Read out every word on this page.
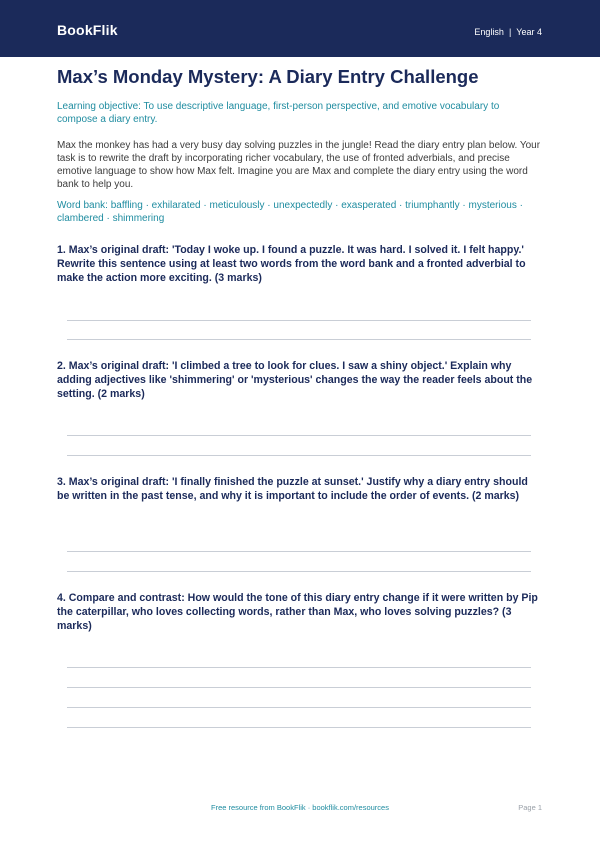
BookFlik	English | Year 4
Max’s Monday Mystery: A Diary Entry Challenge

Learning objective: To use descriptive language, first-person perspective, and emotive vocabulary to compose a diary entry.

Max the monkey has had a very busy day solving puzzles in the jungle! Read the diary entry plan below. Your task is to rewrite the draft by incorporating richer vocabulary, the use of fronted adverbials, and precise emotive language to show how Max felt. Imagine you are Max and complete the diary entry using the word bank to help you.

Word bank: baffling · exhilarated · meticulously · unexpectedly · exasperated · triumphantly · mysterious · clambered · shimmering

1. Max’s original draft: 'Today I woke up. I found a puzzle. It was hard. I solved it. I felt happy.' Rewrite this sentence using at least two words from the word bank and a fronted adverbial to make the action more exciting. (3 marks)

2. Max’s original draft: 'I climbed a tree to look for clues. I saw a shiny object.' Explain why adding adjectives like 'shimmering' or 'mysterious' changes the way the reader feels about the setting. (2 marks)

3. Max’s original draft: 'I finally finished the puzzle at sunset.' Justify why a diary entry should be written in the past tense, and why it is important to include the order of events. (2 marks)

4. Compare and contrast: How would the tone of this diary entry change if it were written by Pip the caterpillar, who loves collecting words, rather than Max, who loves solving puzzles? (3 marks)

Free resource from BookFlik · bookflik.com/resources	Page 1
